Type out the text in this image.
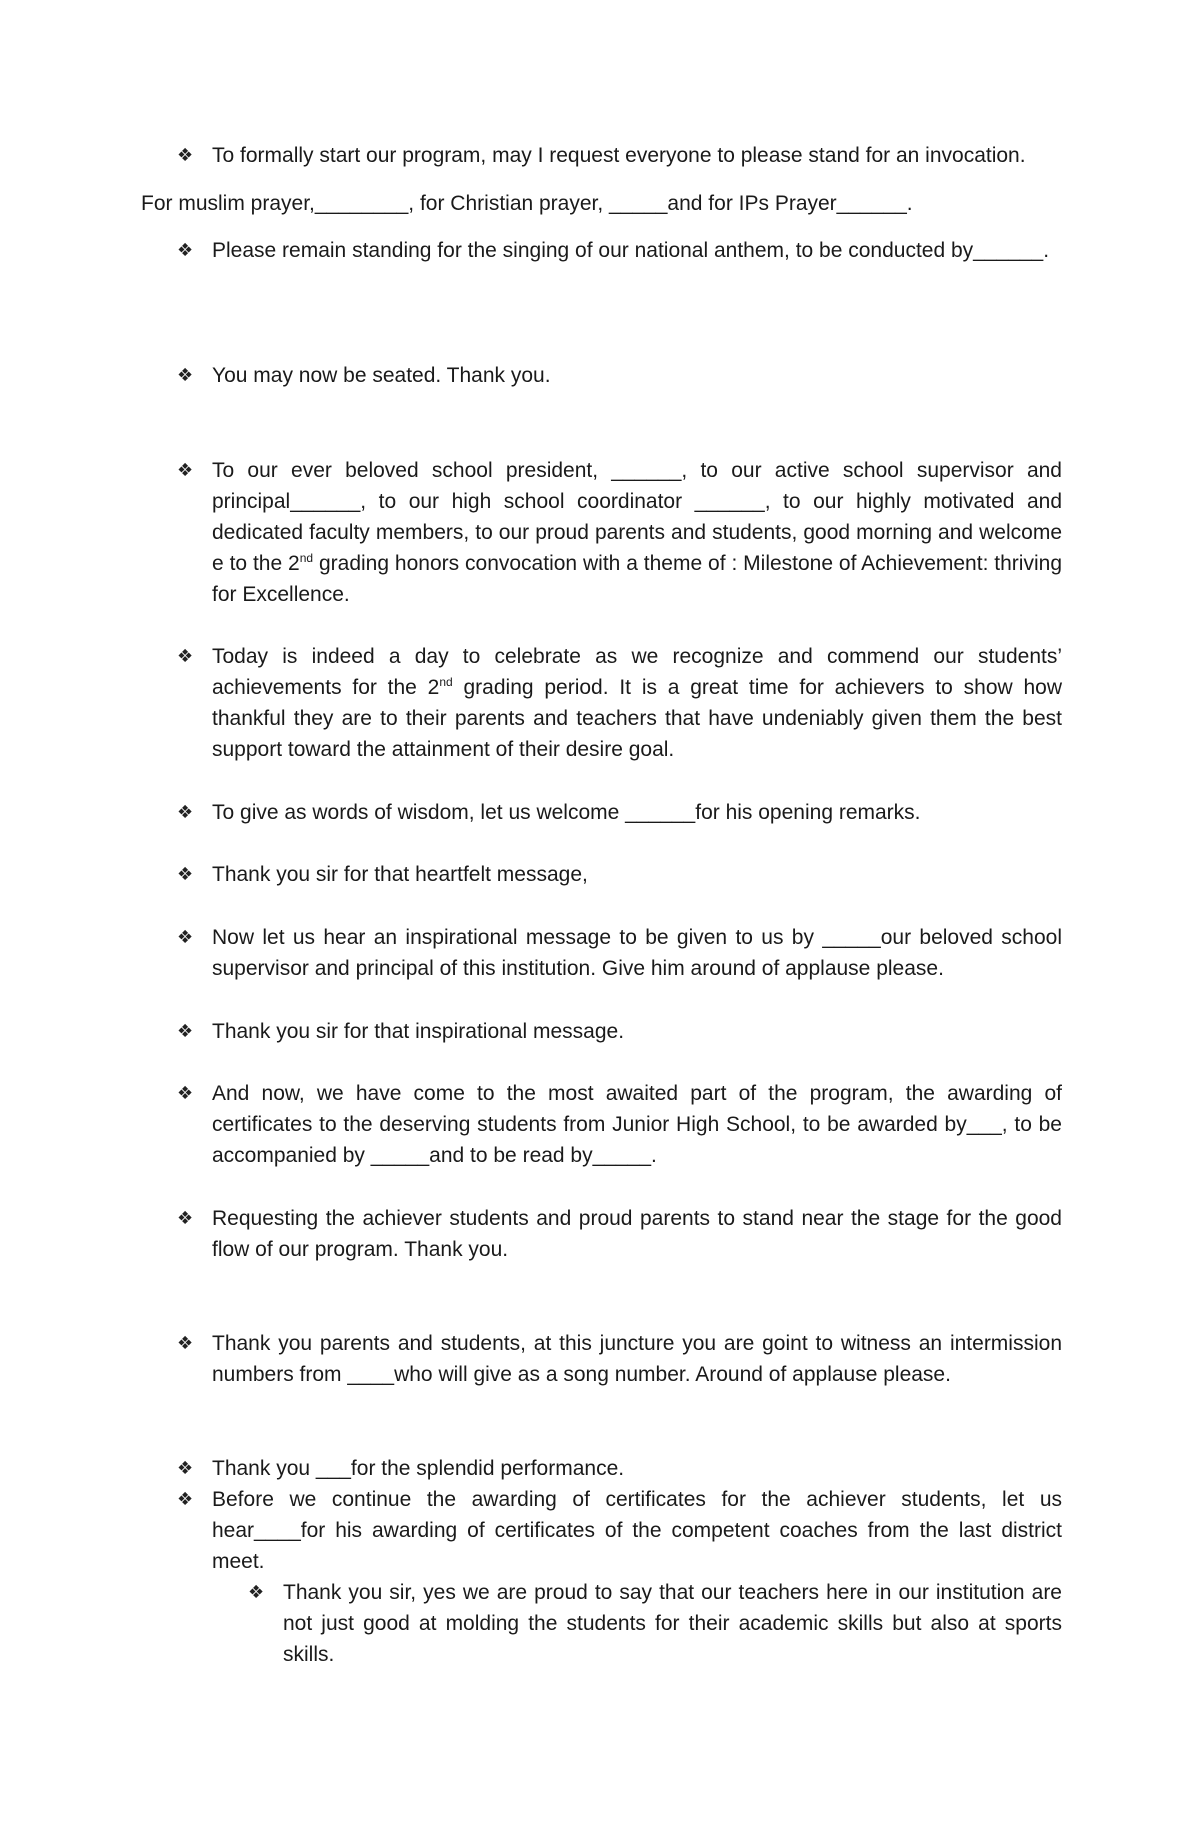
❖ To formally start our program, may I request everyone to please stand for an invocation.
For muslim prayer,________, for Christian prayer, _____and for IPs Prayer______.
❖ Please remain standing for the singing of our national anthem, to be conducted by______.
❖ You may now be seated. Thank you.
❖ To our ever beloved school president, ______, to our active school supervisor and principal______, to our high school coordinator ______, to our highly motivated and dedicated faculty members, to our proud parents and students, good morning and welcome e to the 2nd grading honors convocation with a theme of : Milestone of Achievement: thriving for Excellence.
❖ Today is indeed a day to celebrate as we recognize and commend our students’ achievements for the 2nd grading period. It is a great time for achievers to show how thankful they are to their parents and teachers that have undeniably given them the best support toward the attainment of their desire goal.
❖ To give as words of wisdom, let us welcome ______for his opening remarks.
❖ Thank you sir for that heartfelt message,
❖ Now let us hear an inspirational message to be given to us by _____our beloved school supervisor and principal of this institution. Give him around of applause please.
❖ Thank you sir for that inspirational message.
❖ And now, we have come to the most awaited part of the program, the awarding of certificates to the deserving students from Junior High School, to be awarded by___, to be accompanied by _____and to be read by_____.
❖ Requesting the achiever students and proud parents to stand near the stage for the good flow of our program. Thank you.
❖ Thank you parents and students, at this juncture you are goint to witness an intermission numbers from ____who will give as a song number. Around of applause please.
❖ Thank you ___for the splendid performance.
❖ Before we continue the awarding of certificates for the achiever students, let us hear____for his awarding of certificates of the competent coaches from the last district meet.
❖ Thank you sir, yes we are proud to say that our teachers here in our institution are not just good at molding the students for their academic skills but also at sports skills.
